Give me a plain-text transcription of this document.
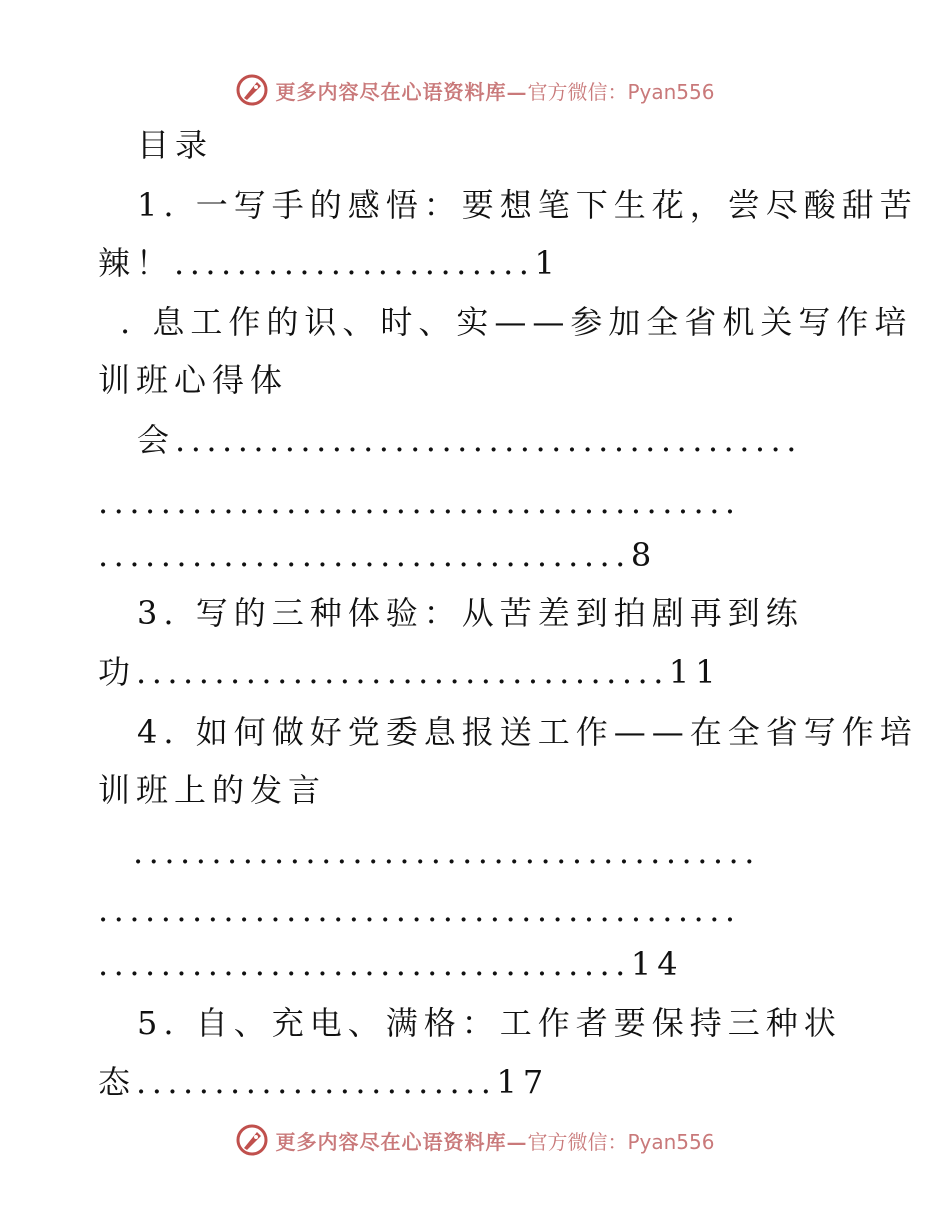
更多内容尽在心语资料库—官方微信：Pyan556
目录
1. 一写手的感悟：要想笔下生花，尝尽酸甜苦
辣！.......................1
. 息工作的识、时、实——参加全省机关写作培
训班心得体
会........................................
.........................................
..................................8
3. 写的三种体验：从苦差到拍剧再到练
功..................................11
4. 如何做好党委息报送工作——在全省写作培
训班上的发言
........................................
.........................................
..................................14
5. 自、充电、满格：工作者要保持三种状
态.......................17
更多内容尽在心语资料库—官方微信：Pyan556
